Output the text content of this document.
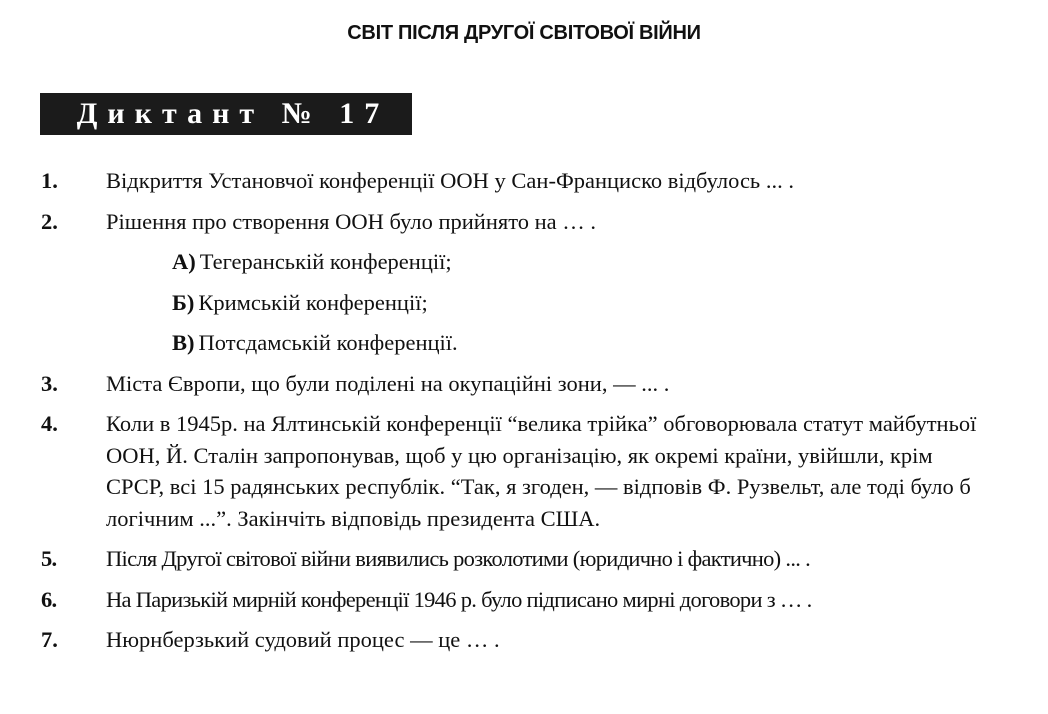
СВІТ ПІСЛЯ ДРУГОЇ СВІТОВОЇ ВІЙНИ
Диктант № 17
1. Відкриття Установчої конференції ООН у Сан-Франциско відбулось ... .
2. Рішення про створення ООН було прийнято на … .
А) Тегеранській конференції;
Б) Кримській конференції;
В) Потсдамській конференції.
3. Міста Європи, що були поділені на окупаційні зони, — ... .
4. Коли в 1945р. на Ялтинській конференції “велика трійка” обговорювала статут майбутньої ООН, Й. Сталін запропонував, щоб у цю організацію, як окремі країни, увійшли, крім СРСР, всі 15 радянських республік. “Так, я згоден, — відповів Ф. Рузвельт, але тоді було б логічним ...”. Закінчіть відповідь президента США.
5. Після Другої світової війни виявились розколотими (юридично і фактично) ... .
6. На Паризькій мирній конференції 1946 р. було підписано мирні договори з … .
7. Нюрнберзький судовий процес — це … .
